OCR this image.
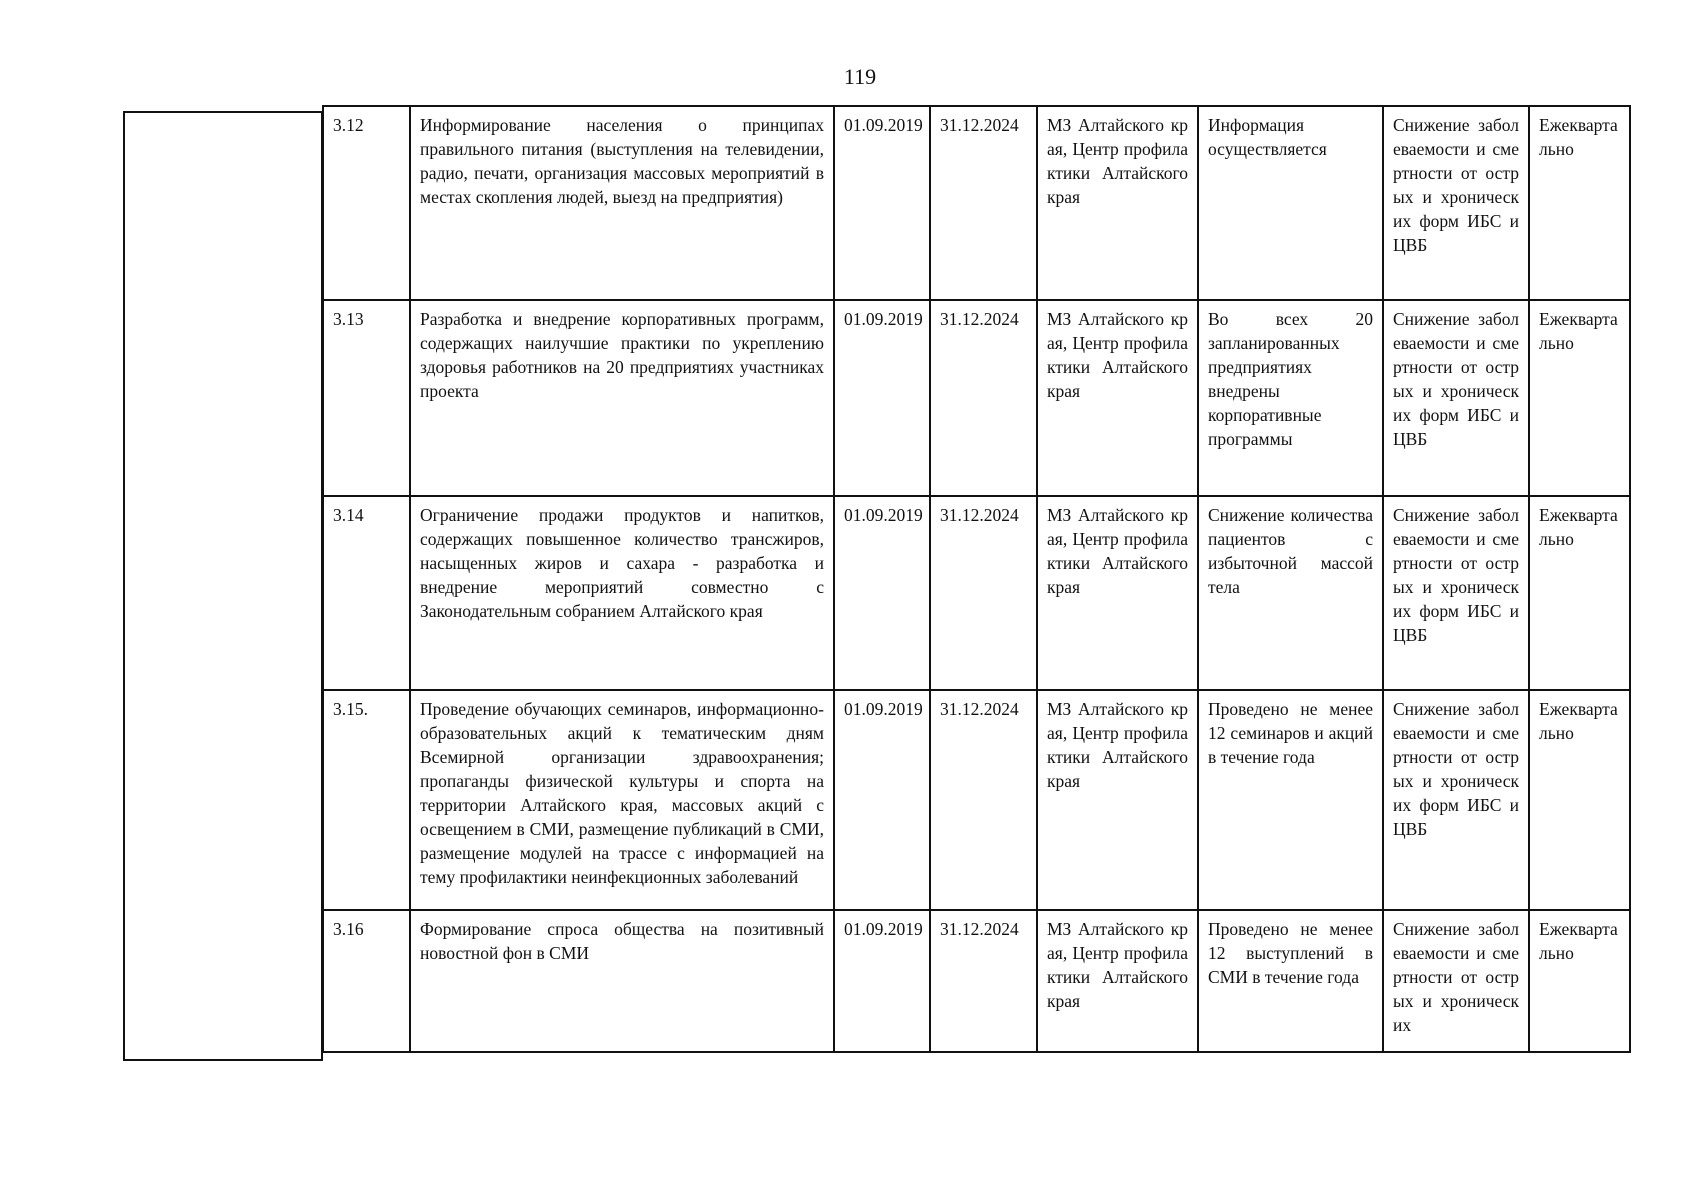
119
3.12	Информирование населения о принципах правильного питания (выступления на телевидении, радио, печати, организация массовых мероприятий в местах скопления людей, выезд на предприятия)	01.09.2019	31.12.2024	МЗ Алтайского края, Центр профилактики Алтайского края	Информация осуществляется	Снижение заболеваемости и смертности от острых и хронических форм ИБС и ЦВБ	Ежеквартально
3.13	Разработка и внедрение корпоративных программ, содержащих наилучшие практики по укреплению здоровья работников на 20 предприятиях участниках проекта	01.09.2019	31.12.2024	МЗ Алтайского края, Центр профилактики Алтайского края	Во всех 20 запланированных предприятиях внедрены корпоративные программы	Снижение заболеваемости и смертности от острых и хронических форм ИБС и ЦВБ	Ежеквартально
3.14	Ограничение продажи продуктов и напитков, содержащих повышенное количество трансжиров, насыщенных жиров и сахара - разработка и внедрение мероприятий совместно с Законодательным собранием Алтайского края	01.09.2019	31.12.2024	МЗ Алтайского края, Центр профилактики Алтайского края	Снижение количества пациентов с избыточной массой тела	Снижение заболеваемости и смертности от острых и хронических форм ИБС и ЦВБ	Ежеквартально
3.15.	Проведение обучающих семинаров, информационно-образовательных акций к тематическим дням Всемирной организации здравоохранения; пропаганды физической культуры и спорта на территории Алтайского края, массовых акций с освещением в СМИ, размещение публикаций в СМИ, размещение модулей на трассе с информацией на тему профилактики неинфекционных заболеваний	01.09.2019	31.12.2024	МЗ Алтайского края, Центр профилактики Алтайского края	Проведено не менее 12 семинаров и акций в течение года	Снижение заболеваемости и смертности от острых и хронических форм ИБС и ЦВБ	Ежеквартально
3.16	Формирование спроса общества на позитивный новостной фон в СМИ	01.09.2019	31.12.2024	МЗ Алтайского края, Центр профилактики Алтайского края	Проведено не менее 12 выступлений в СМИ в течение года	Снижение заболеваемости и смертности от острых и хронических	Ежеквартально
